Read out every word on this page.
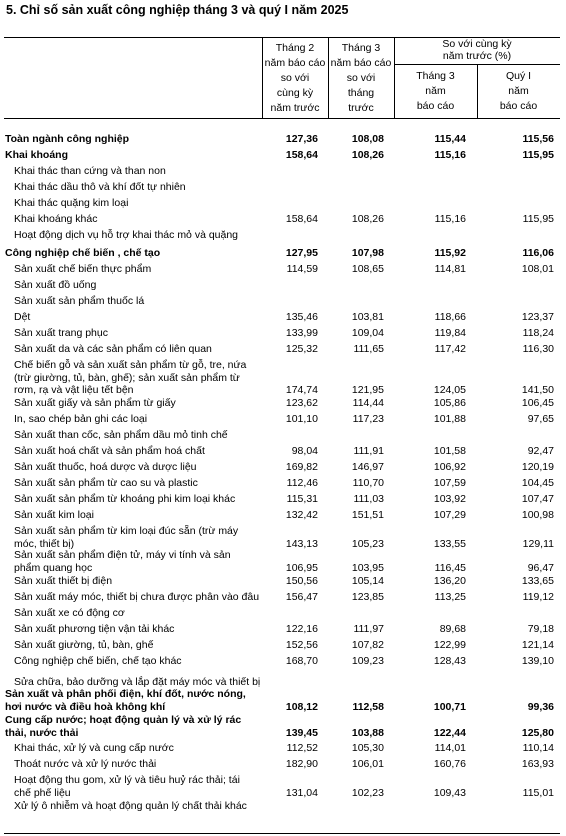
5. Chỉ số sản xuất công nghiệp tháng 3 và quý I năm 2025
Tháng 2
năm báo cáo
so với
cùng kỳ
năm trước
Tháng 3
năm báo cáo
so với
tháng
trước
So với cùng kỳ
năm trước (%)
Tháng 3
năm
báo cáo
Quý I
năm
báo cáo
Toàn ngành công nghiệp	127,36	108,08	115,44	115,56
Khai khoáng	158,64	108,26	115,16	115,95
Khai thác than cứng và than non
Khai thác dầu thô và khí đốt tự nhiên
Khai thác quặng kim loại
Khai khoáng khác	158,64	108,26	115,16	115,95
Hoạt động dịch vụ hỗ trợ khai thác mỏ và quặng
Công nghiệp chế biến , chế tạo	127,95	107,98	115,92	116,06
Sản xuất chế biến thực phẩm	114,59	108,65	114,81	108,01
Sản xuất đồ uống
Sản xuất sản phẩm thuốc lá
Dệt	135,46	103,81	118,66	123,37
Sản xuất trang phục	133,99	109,04	119,84	118,24
Sản xuất da và các sản phẩm có liên quan	125,32	111,65	117,42	116,30
Chế biến gỗ và sản xuất sản phẩm từ gỗ, tre, nứa
(trừ giường, tủ, bàn, ghế); sản xuất sản phẩm từ
rơm, rạ và vật liệu tết bện	174,74	121,95	124,05	141,50
Sản xuất giấy và sản phẩm từ giấy	123,62	114,44	105,86	106,45
In, sao chép bản ghi các loại	101,10	117,23	101,88	97,65
Sản xuất than cốc, sản phẩm dầu mỏ tinh chế
Sản xuất hoá chất và sản phẩm hoá chất	98,04	111,91	101,58	92,47
Sản xuất thuốc, hoá dược và dược liệu	169,82	146,97	106,92	120,19
Sản xuất sản phẩm từ cao su và plastic	112,46	110,70	107,59	104,45
Sản xuất sản phẩm từ khoáng phi kim loại khác	115,31	111,03	103,92	107,47
Sản xuất kim loại	132,42	151,51	107,29	100,98
Sản xuất sản phẩm từ kim loại đúc sẵn (trừ máy
móc, thiết bị)	143,13	105,23	133,55	129,11
Sản xuất sản phẩm điện tử, máy vi tính và sản
phẩm quang học	106,95	103,95	116,45	96,47
Sản xuất thiết bị điện	150,56	105,14	136,20	133,65
Sản xuất máy móc, thiết bị chưa được phân vào đâu	156,47	123,85	113,25	119,12
Sản xuất xe có động cơ
Sản xuất phương tiện vận tải khác	122,16	111,97	89,68	79,18
Sản xuất giường, tủ, bàn, ghế	152,56	107,82	122,99	121,14
Công nghiệp chế biến, chế tạo khác	168,70	109,23	128,43	139,10
Sửa chữa, bảo dưỡng và lắp đặt máy móc và thiết bị
Sản xuất và phân phối điện, khí đốt, nước nóng,
hơi nước và điều hoà không khí	108,12	112,58	100,71	99,36
Cung cấp nước; hoạt động quản lý và xử lý rác
thải, nước thải	139,45	103,88	122,44	125,80
Khai thác, xử lý và cung cấp nước	112,52	105,30	114,01	110,14
Thoát nước và xử lý nước thải	182,90	106,01	160,76	163,93
Hoạt động thu gom, xử lý và tiêu huỷ rác thải; tái
chế phế liệu	131,04	102,23	109,43	115,01
Xử lý ô nhiễm và hoạt động quản lý chất thải khác
